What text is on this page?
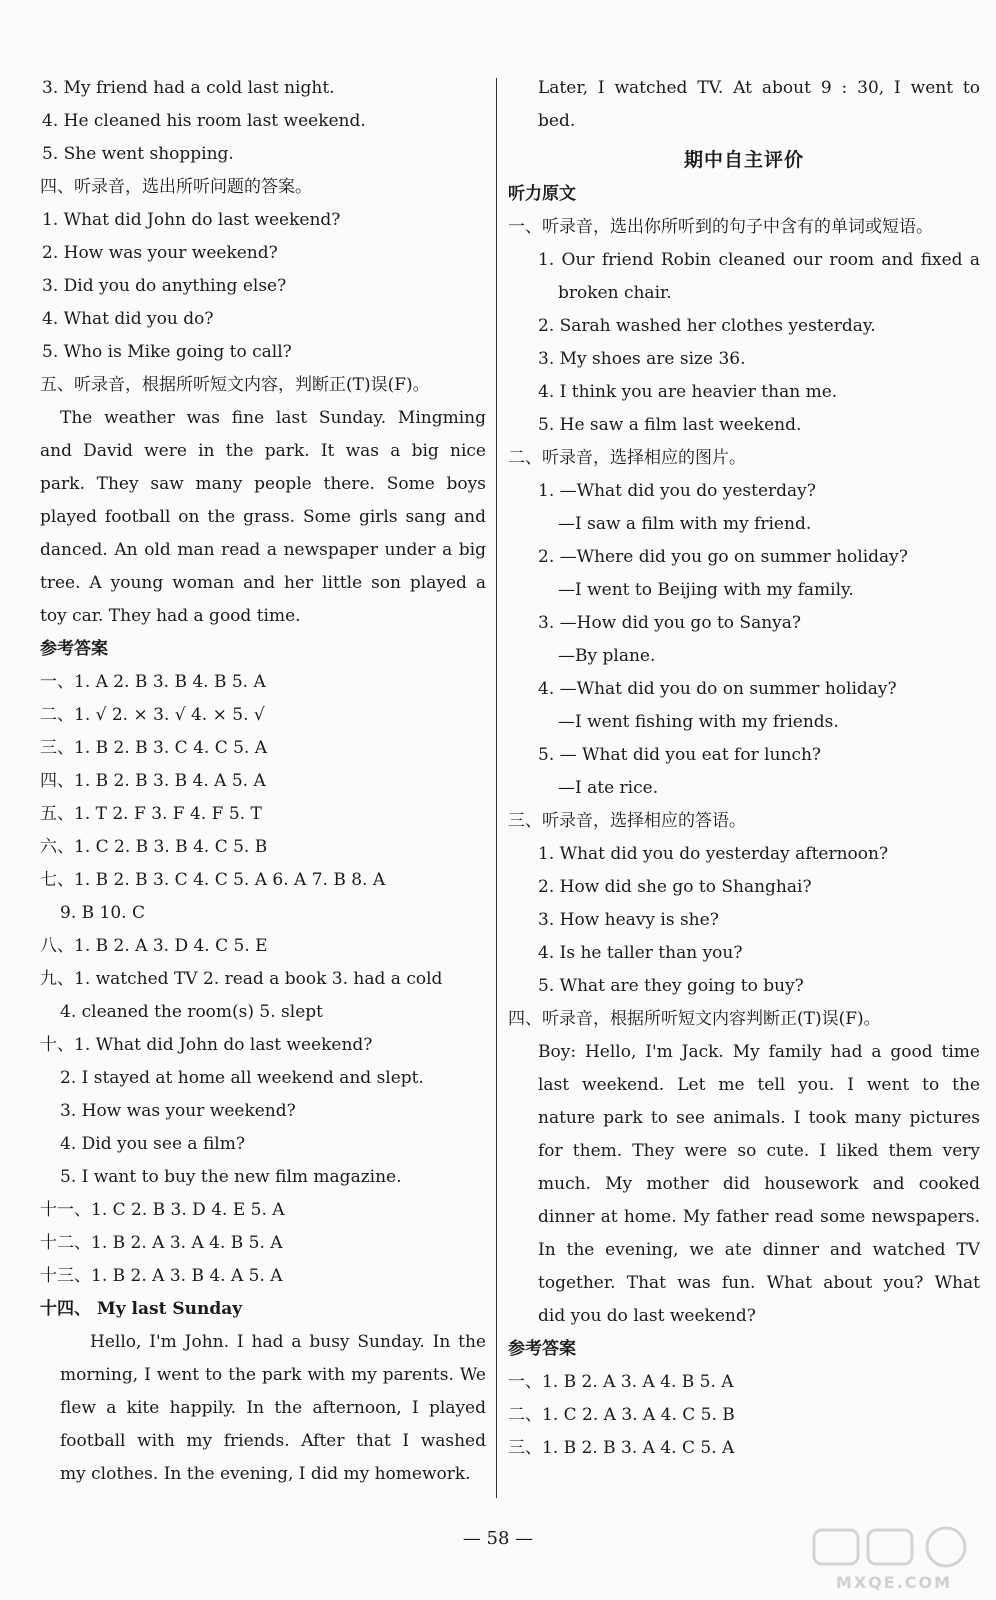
3. My friend had a cold last night.
4. He cleaned his room last weekend.
5. She went shopping.
四、听录音，选出所听问题的答案。
1. What did John do last weekend?
2. How was your weekend?
3. Did you do anything else?
4. What did you do?
5. Who is Mike going to call?
五、听录音，根据所听短文内容，判断正(T)误(F)。
The weather was fine last Sunday. Mingming
and David were in the park. It was a big nice
park. They saw many people there. Some boys
played football on the grass. Some girls sang and
danced. An old man read a newspaper under a big
tree. A young woman and her little son played a
toy car. They had a good time.
参考答案
一、1. A 2. B 3. B 4. B 5. A
二、1. √ 2. × 3. √ 4. × 5. √
三、1. B 2. B 3. C 4. C 5. A
四、1. B 2. B 3. B 4. A 5. A
五、1. T 2. F 3. F 4. F 5. T
六、1. C 2. B 3. B 4. C 5. B
七、1. B 2. B 3. C 4. C 5. A 6. A 7. B 8. A
9. B 10. C
八、1. B 2. A 3. D 4. C 5. E
九、1. watched TV 2. read a book 3. had a cold
4. cleaned the room(s) 5. slept
十、1. What did John do last weekend?
2. I stayed at home all weekend and slept.
3. How was your weekend?
4. Did you see a film?
5. I want to buy the new film magazine.
十一、1. C 2. B 3. D 4. E 5. A
十二、1. B 2. A 3. A 4. B 5. A
十三、1. B 2. A 3. B 4. A 5. A
十四、 My last Sunday
Hello, I'm John. I had a busy Sunday. In the
morning, I went to the park with my parents. We
flew a kite happily. In the afternoon, I played
football with my friends. After that I washed
my clothes. In the evening, I did my homework.
Later, I watched TV. At about 9 : 30, I went to
bed.
期中自主评价
听力原文
一、听录音，选出你所听到的句子中含有的单词或短语。
1. Our friend Robin cleaned our room and fixed a
broken chair.
2. Sarah washed her clothes yesterday.
3. My shoes are size 36.
4. I think you are heavier than me.
5. He saw a film last weekend.
二、听录音，选择相应的图片。
1. —What did you do yesterday?
—I saw a film with my friend.
2. —Where did you go on summer holiday?
—I went to Beijing with my family.
3. —How did you go to Sanya?
—By plane.
4. —What did you do on summer holiday?
—I went fishing with my friends.
5. — What did you eat for lunch?
—I ate rice.
三、听录音，选择相应的答语。
1. What did you do yesterday afternoon?
2. How did she go to Shanghai?
3. How heavy is she?
4. Is he taller than you?
5. What are they going to buy?
四、听录音，根据所听短文内容判断正(T)误(F)。
Boy: Hello, I'm Jack. My family had a good time
last weekend. Let me tell you. I went to the
nature park to see animals. I took many pictures
for them. They were so cute. I liked them very
much. My mother did housework and cooked
dinner at home. My father read some newspapers.
In the evening, we ate dinner and watched TV
together. That was fun. What about you? What
did you do last weekend?
参考答案
一、1. B 2. A 3. A 4. B 5. A
二、1. C 2. A 3. A 4. C 5. B
三、1. B 2. B 3. A 4. C 5. A
— 58 —
MXQE.COM
